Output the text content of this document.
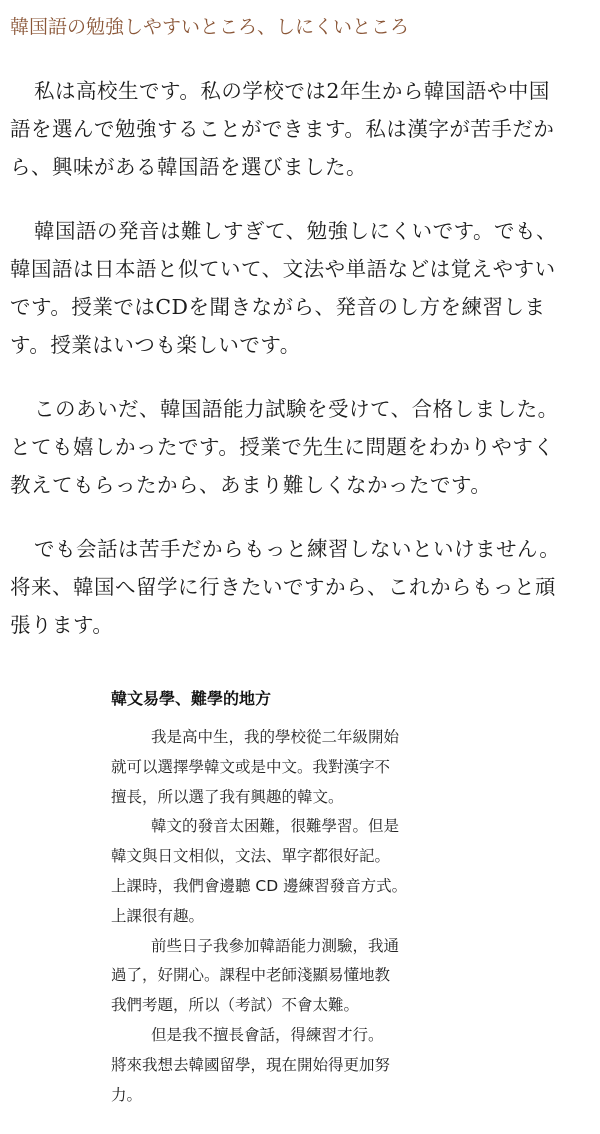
韓国語の勉強しやすいところ、しにくいところ
私は高校生です。私の学校では2年生から韓国語や中国
語を選んで勉強することができます。私は漢字が苦手だか
ら、興味がある韓国語を選びました。
韓国語の発音は難しすぎて、勉強しにくいです。でも、
韓国語は日本語と似ていて、文法や単語などは覚えやすい
です。授業ではCDを聞きながら、発音のし方を練習しま
す。授業はいつも楽しいです。
このあいだ、韓国語能力試験を受けて、合格しました。
とても嬉しかったです。授業で先生に問題をわかりやすく
教えてもらったから、あまり難しくなかったです。
でも会話は苦手だからもっと練習しないといけません。
将来、韓国へ留学に行きたいですから、これからもっと頑
張ります。
韓文易學、難學的地方
我是高中生，我的學校從二年級開始
就可以選擇學韓文或是中文。我對漢字不
擅長，所以選了我有興趣的韓文。
韓文的發音太困難，很難學習。但是
韓文與日文相似，文法、單字都很好記。
上課時，我們會邊聽 CD 邊練習發音方式。
上課很有趣。
前些日子我參加韓語能力測驗，我通
過了，好開心。課程中老師淺顯易懂地教
我們考題，所以（考試）不會太難。
但是我不擅長會話，得練習才行。
將來我想去韓國留學，現在開始得更加努
力。
